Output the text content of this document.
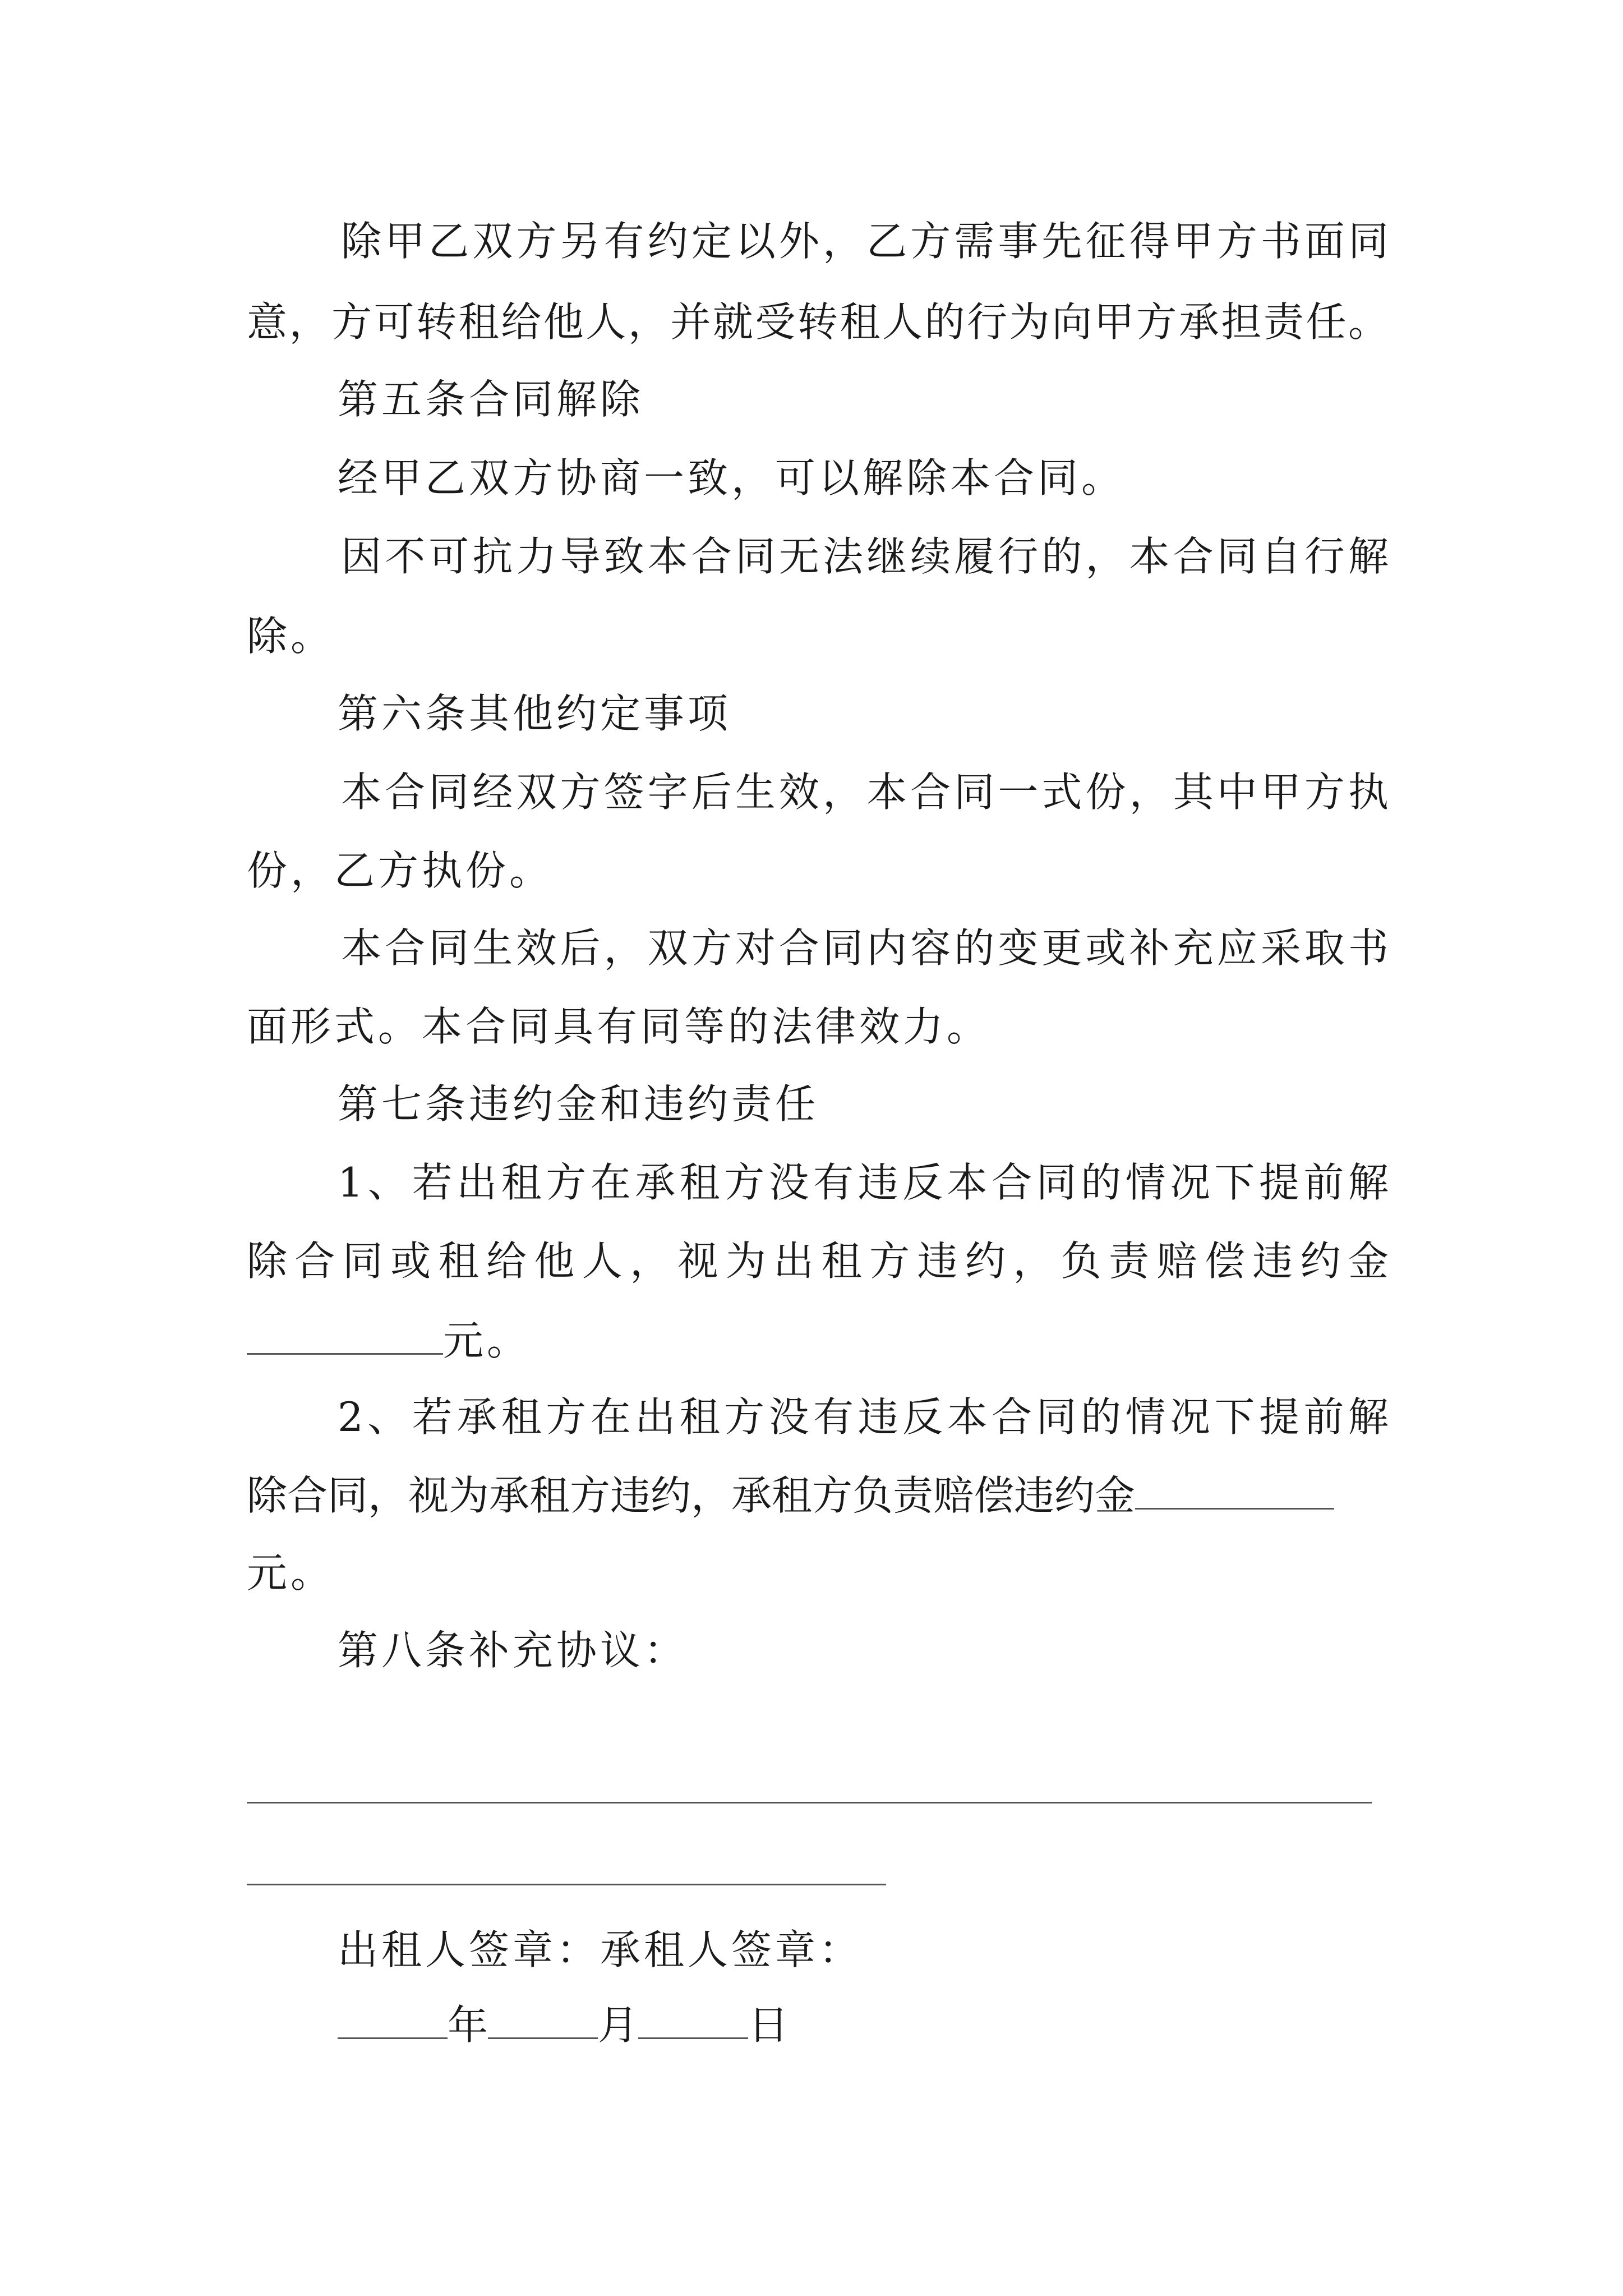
除甲乙双方另有约定以外，乙方需事先征得甲方书面同
意，方可转租给他人，并就受转租人的行为向甲方承担责任。
第五条合同解除
经甲乙双方协商一致，可以解除本合同。
因不可抗力导致本合同无法继续履行的，本合同自行解
除。
第六条其他约定事项
本合同经双方签字后生效，本合同一式份，其中甲方执
份，乙方执份。
本合同生效后，双方对合同内容的变更或补充应采取书
面形式。本合同具有同等的法律效力。
第七条违约金和违约责任
1、若出租方在承租方没有违反本合同的情况下提前解
除合同或租给他人，视为出租方违约，负责赔偿违约金
元。
2、若承租方在出租方没有违反本合同的情况下提前解
除合同，视为承租方违约，承租方负责赔偿违约金
元。
第八条补充协议：
出租人签章：承租人签章：
年	月	日
